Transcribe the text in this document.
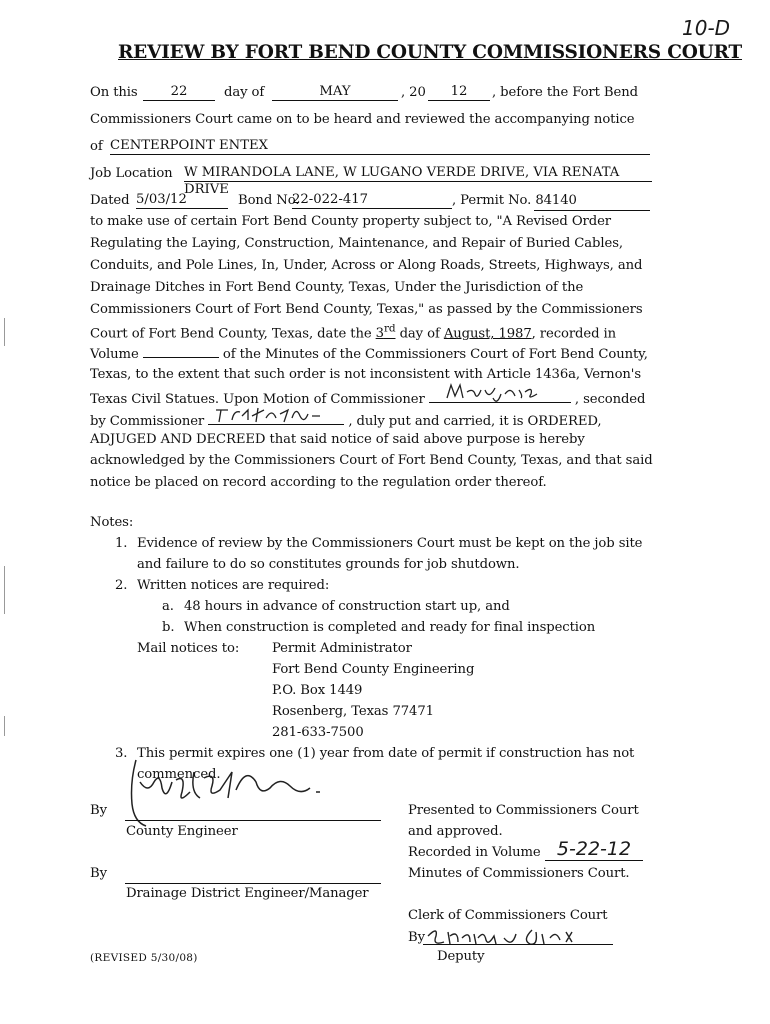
10-D
REVIEW BY FORT BEND COUNTY COMMISSIONERS COURT
On this	22	day of	MAY	, 20	12	, before the Fort Bend
Commissioners Court came on to be heard and reviewed the accompanying notice
of CENTERPOINT ENTEX
Job Location W MIRANDOLA LANE, W LUGANO VERDE DRIVE, VIA RENATA DRIVE
Dated 5/03/12	Bond No.
22-022-417	, Permit No. 84140
to make use of certain Fort Bend County property subject to, "A Revised Order
Regulating the Laying, Construction, Maintenance, and Repair of Buried Cables,
Conduits, and Pole Lines, In, Under, Across or Along Roads, Streets, Highways, and
Drainage Ditches in Fort Bend County, Texas, Under the Jurisdiction of the
Commissioners Court of Fort Bend County, Texas," as passed by the Commissioners
Court of Fort Bend County, Texas, date the 3rd day of August, 1987, recorded in
Volume	of the Minutes of the Commissioners Court of Fort Bend County,
Texas, to the extent that such order is not inconsistent with Article 1436a, Vernon's
Texas Civil Statues. Upon Motion of Commissioner	, seconded
by Commissioner	, duly put and carried, it is ORDERED,
ADJUGED AND DECREED that said notice of said above purpose is hereby
acknowledged by the Commissioners Court of Fort Bend County, Texas, and that said
notice be placed on record according to the regulation order thereof.
Notes:
1. Evidence of review by the Commissioners Court must be kept on the job site
and failure to do so constitutes grounds for job shutdown.
2. Written notices are required:
a. 48 hours in advance of construction start up, and
b. When construction is completed and ready for final inspection
Mail notices to: Permit Administrator
Fort Bend County Engineering
P.O. Box 1449
Rosenberg, Texas 77471
281-633-7500
3. This permit expires one (1) year from date of permit if construction has not
commenced.
By
County Engineer
By
Drainage District Engineer/Manager
Presented to Commissioners Court
and approved.
Recorded in Volume 5-22-12
Minutes of Commissioners Court.
Clerk of Commissioners Court
By
Deputy
(REVISED 5/30/08)
